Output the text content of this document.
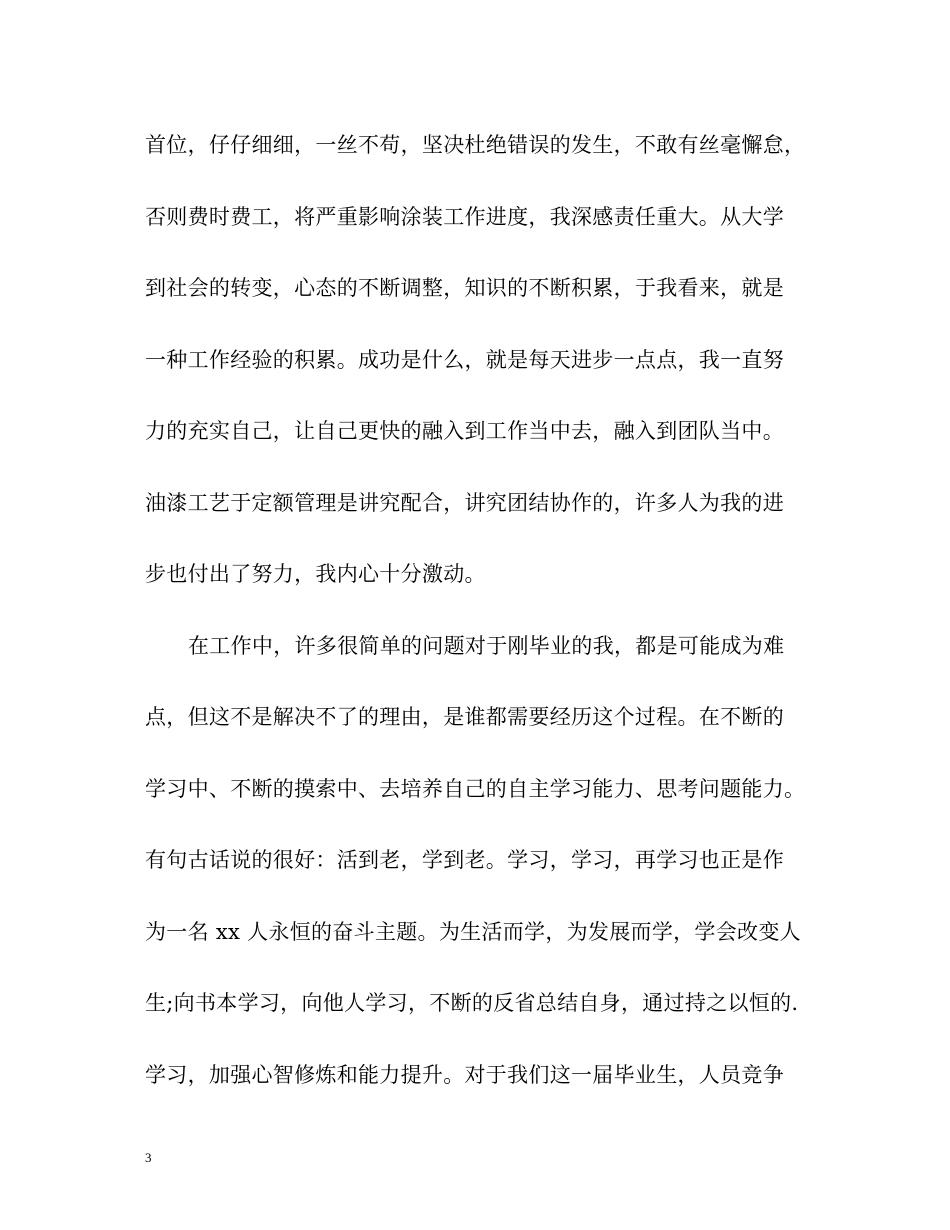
首位，仔仔细细，一丝不苟，坚决杜绝错误的发生，不敢有丝毫懈怠，
否则费时费工，将严重影响涂装工作进度，我深感责任重大。从大学
到社会的转变，心态的不断调整，知识的不断积累，于我看来，就是
一种工作经验的积累。成功是什么，就是每天进步一点点，我一直努
力的充实自己，让自己更快的融入到工作当中去，融入到团队当中。
油漆工艺于定额管理是讲究配合，讲究团结协作的，许多人为我的进
步也付出了努力，我内心十分激动。
在工作中，许多很简单的问题对于刚毕业的我，都是可能成为难
点，但这不是解决不了的理由，是谁都需要经历这个过程。在不断的
学习中、不断的摸索中、去培养自己的自主学习能力、思考问题能力。
有句古话说的很好：活到老，学到老。学习，学习，再学习也正是作
为一名 xx 人永恒的奋斗主题。为生活而学，为发展而学，学会改变人
生;向书本学习，向他人学习，不断的反省总结自身，通过持之以恒的.
学习，加强心智修炼和能力提升。对于我们这一届毕业生，人员竞争
3
